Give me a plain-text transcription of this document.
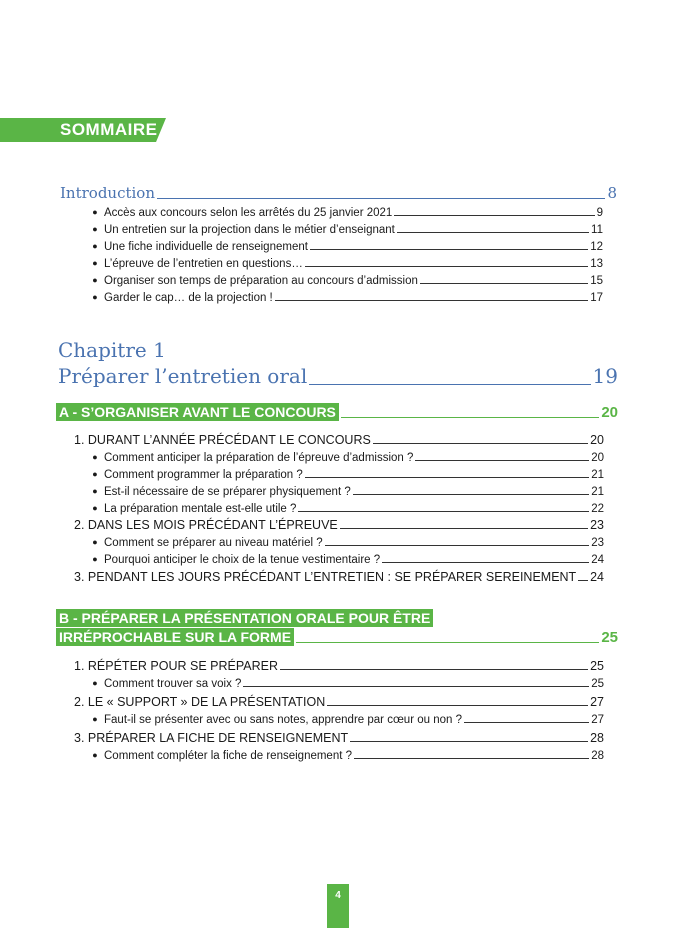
SOMMAIRE
Introduction	8
● Accès aux concours selon les arrêtés du 25 janvier 2021	9
● Un entretien sur la projection dans le métier d’enseignant	11
● Une fiche individuelle de renseignement	12
● L’épreuve de l’entretien en questions…	13
● Organiser son temps de préparation au concours d’admission	15
● Garder le cap… de la projection !	17
Chapitre 1
Préparer l’entretien oral	19
A - S’ORGANISER AVANT LE CONCOURS	20
1. DURANT L’ANNÉE PRÉCÉDANT LE CONCOURS	20
● Comment anticiper la préparation de l’épreuve d’admission ?	20
● Comment programmer la préparation ?	21
● Est-il nécessaire de se préparer physiquement ?	21
● La préparation mentale est-elle utile ?	22
2. DANS LES MOIS PRÉCÉDANT L’ÉPREUVE	23
● Comment se préparer au niveau matériel ?	23
● Pourquoi anticiper le choix de la tenue vestimentaire ?	24
3. PENDANT LES JOURS PRÉCÉDANT L’ENTRETIEN : SE PRÉPARER SEREINEMENT 24
B - PRÉPARER LA PRÉSENTATION ORALE POUR ÊTRE
IRRÉPROCHABLE SUR LA FORME	25
1. RÉPÉTER POUR SE PRÉPARER	25
● Comment trouver sa voix ?	25
2. LE « SUPPORT » DE LA PRÉSENTATION	27
● Faut-il se présenter avec ou sans notes, apprendre par cœur ou non ?	27
3. PRÉPARER LA FICHE DE RENSEIGNEMENT	28
● Comment compléter la fiche de renseignement ?	28
4
